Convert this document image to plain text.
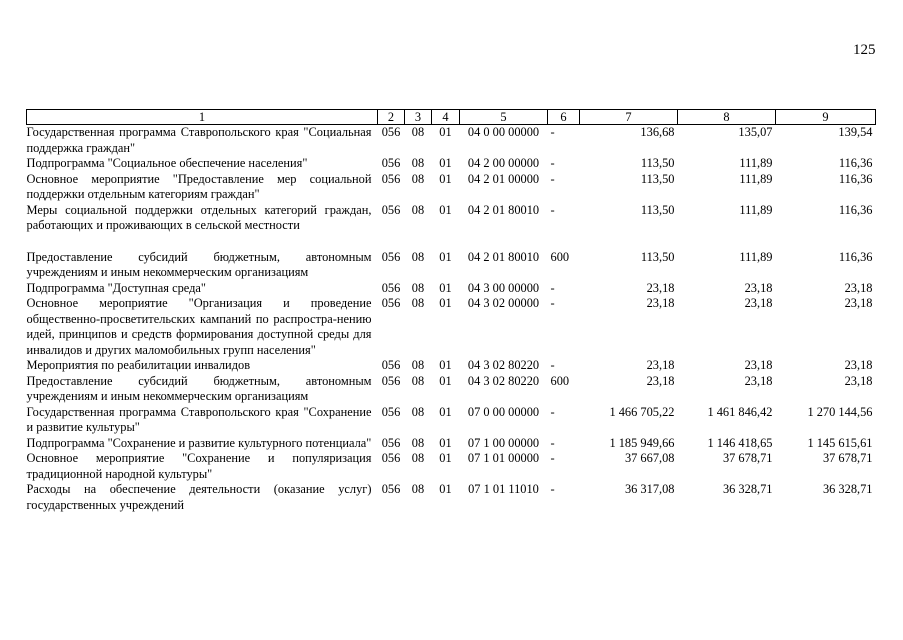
125
1	2	3	4	5	6	7	8	9
Государственная программа Ставропольского края "Социальная поддержка граждан"	056	08	01	04 0 00 00000	-	136,68	135,07	139,54
Подпрограмма "Социальное обеспечение населения"	056	08	01	04 2 00 00000	-	113,50	111,89	116,36
Основное мероприятие "Предоставление мер социальной поддержки отдельным категориям граждан"	056	08	01	04 2 01 00000	-	113,50	111,89	116,36
Меры социальной поддержки отдельных категорий граждан, работающих и проживающих в сельской местности	056	08	01	04 2 01 80010	-	113,50	111,89	116,36

Предоставление субсидий бюджетным, автономным учреждениям и иным некоммерческим организациям	056	08	01	04 2 01 80010	600	113,50	111,89	116,36
Подпрограмма "Доступная среда"	056	08	01	04 3 00 00000	-	23,18	23,18	23,18
Основное мероприятие "Организация и проведение общественно-просветительских кампаний по распростра-нению идей, принципов и средств формирования доступной среды для инвалидов и других маломобильных групп населения"	056	08	01	04 3 02 00000	-	23,18	23,18	23,18
Мероприятия по реабилитации инвалидов	056	08	01	04 3 02 80220	-	23,18	23,18	23,18
Предоставление субсидий бюджетным, автономным учреждениям и иным некоммерческим организациям	056	08	01	04 3 02 80220	600	23,18	23,18	23,18
Государственная программа Ставропольского края "Сохранение и развитие культуры"	056	08	01	07 0 00 00000	-	1 466 705,22	1 461 846,42	1 270 144,56
Подпрограмма "Сохранение и развитие культурного потенциала"	056	08	01	07 1 00 00000	-	1 185 949,66	1 146 418,65	1 145 615,61
Основное мероприятие "Сохранение и популяризация традиционной народной культуры"	056	08	01	07 1 01 00000	-	37 667,08	37 678,71	37 678,71
Расходы на обеспечение деятельности (оказание услуг) государственных учреждений	056	08	01	07 1 01 11010	-	36 317,08	36 328,71	36 328,71
